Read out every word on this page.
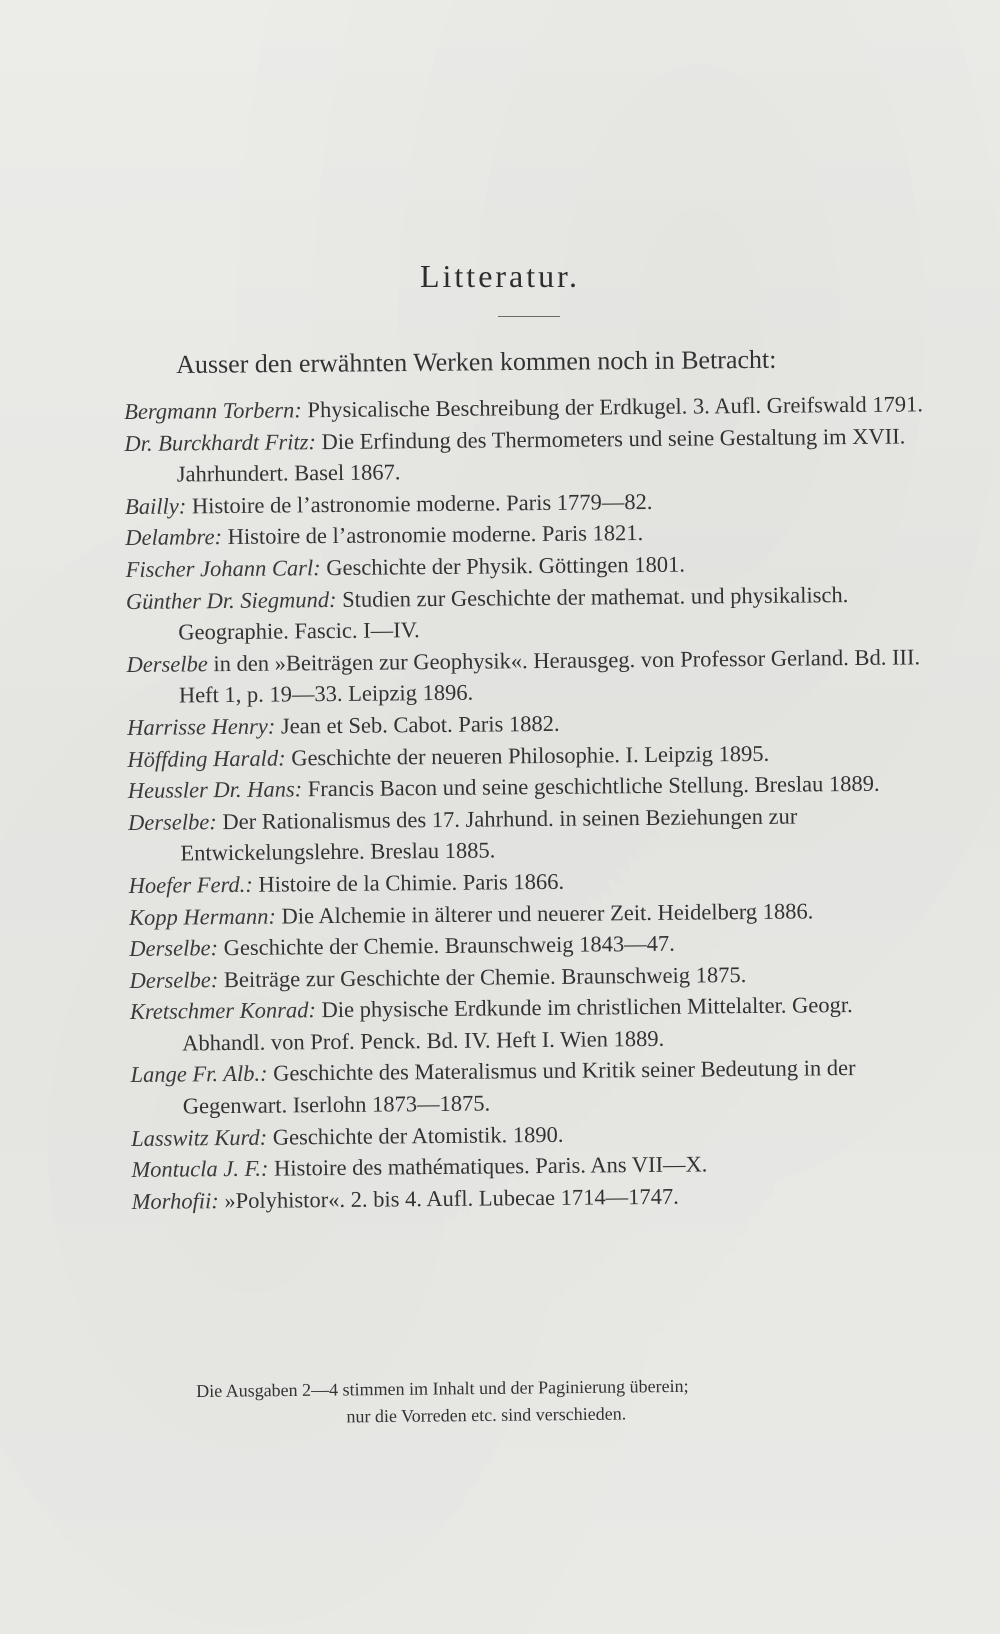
Litteratur.
Ausser den erwähnten Werken kommen noch in Betracht:

Bergmann Torbern: Physicalische Beschreibung der Erdkugel. 3. Aufl. Greifswald 1791.

Dr. Burckhardt Fritz: Die Erfindung des Thermometers und seine Gestaltung im XVII. Jahrhundert. Basel 1867.

Bailly: Histoire de l’astronomie moderne. Paris 1779—82.

Delambre: Histoire de l’astronomie moderne. Paris 1821.

Fischer Johann Carl: Geschichte der Physik. Göttingen 1801.

Günther Dr. Siegmund: Studien zur Geschichte der mathemat. und physikalisch. Geographie. Fascic. I—IV.

Derselbe in den »Beiträgen zur Geophysik«. Herausgeg. von Professor Gerland. Bd. III. Heft 1, p. 19—33. Leipzig 1896.

Harrisse Henry: Jean et Seb. Cabot. Paris 1882.

Höffding Harald: Geschichte der neueren Philosophie. I. Leipzig 1895.

Heussler Dr. Hans: Francis Bacon und seine geschichtliche Stellung. Breslau 1889.

Derselbe: Der Rationalismus des 17. Jahrhund. in seinen Beziehungen zur Entwickelungslehre. Breslau 1885.

Hoefer Ferd.: Histoire de la Chimie. Paris 1866.

Kopp Hermann: Die Alchemie in älterer und neuerer Zeit. Heidelberg 1886.

Derselbe: Geschichte der Chemie. Braunschweig 1843—47.

Derselbe: Beiträge zur Geschichte der Chemie. Braunschweig 1875.

Kretschmer Konrad: Die physische Erdkunde im christlichen Mittelalter. Geogr. Abhandl. von Prof. Penck. Bd. IV. Heft I. Wien 1889.

Lange Fr. Alb.: Geschichte des Materalismus und Kritik seiner Bedeutung in der Gegenwart. Iserlohn 1873—1875.

Lasswitz Kurd: Geschichte der Atomistik. 1890.

Montucla J. F.: Histoire des mathématiques. Paris. Ans VII—X.

Morhofii: »Polyhistor«. 2. bis 4. Aufl. Lubecae 1714—1747.

Die Ausgaben 2—4 stimmen im Inhalt und der Paginierung überein;
nur die Vorreden etc. sind verschieden.
